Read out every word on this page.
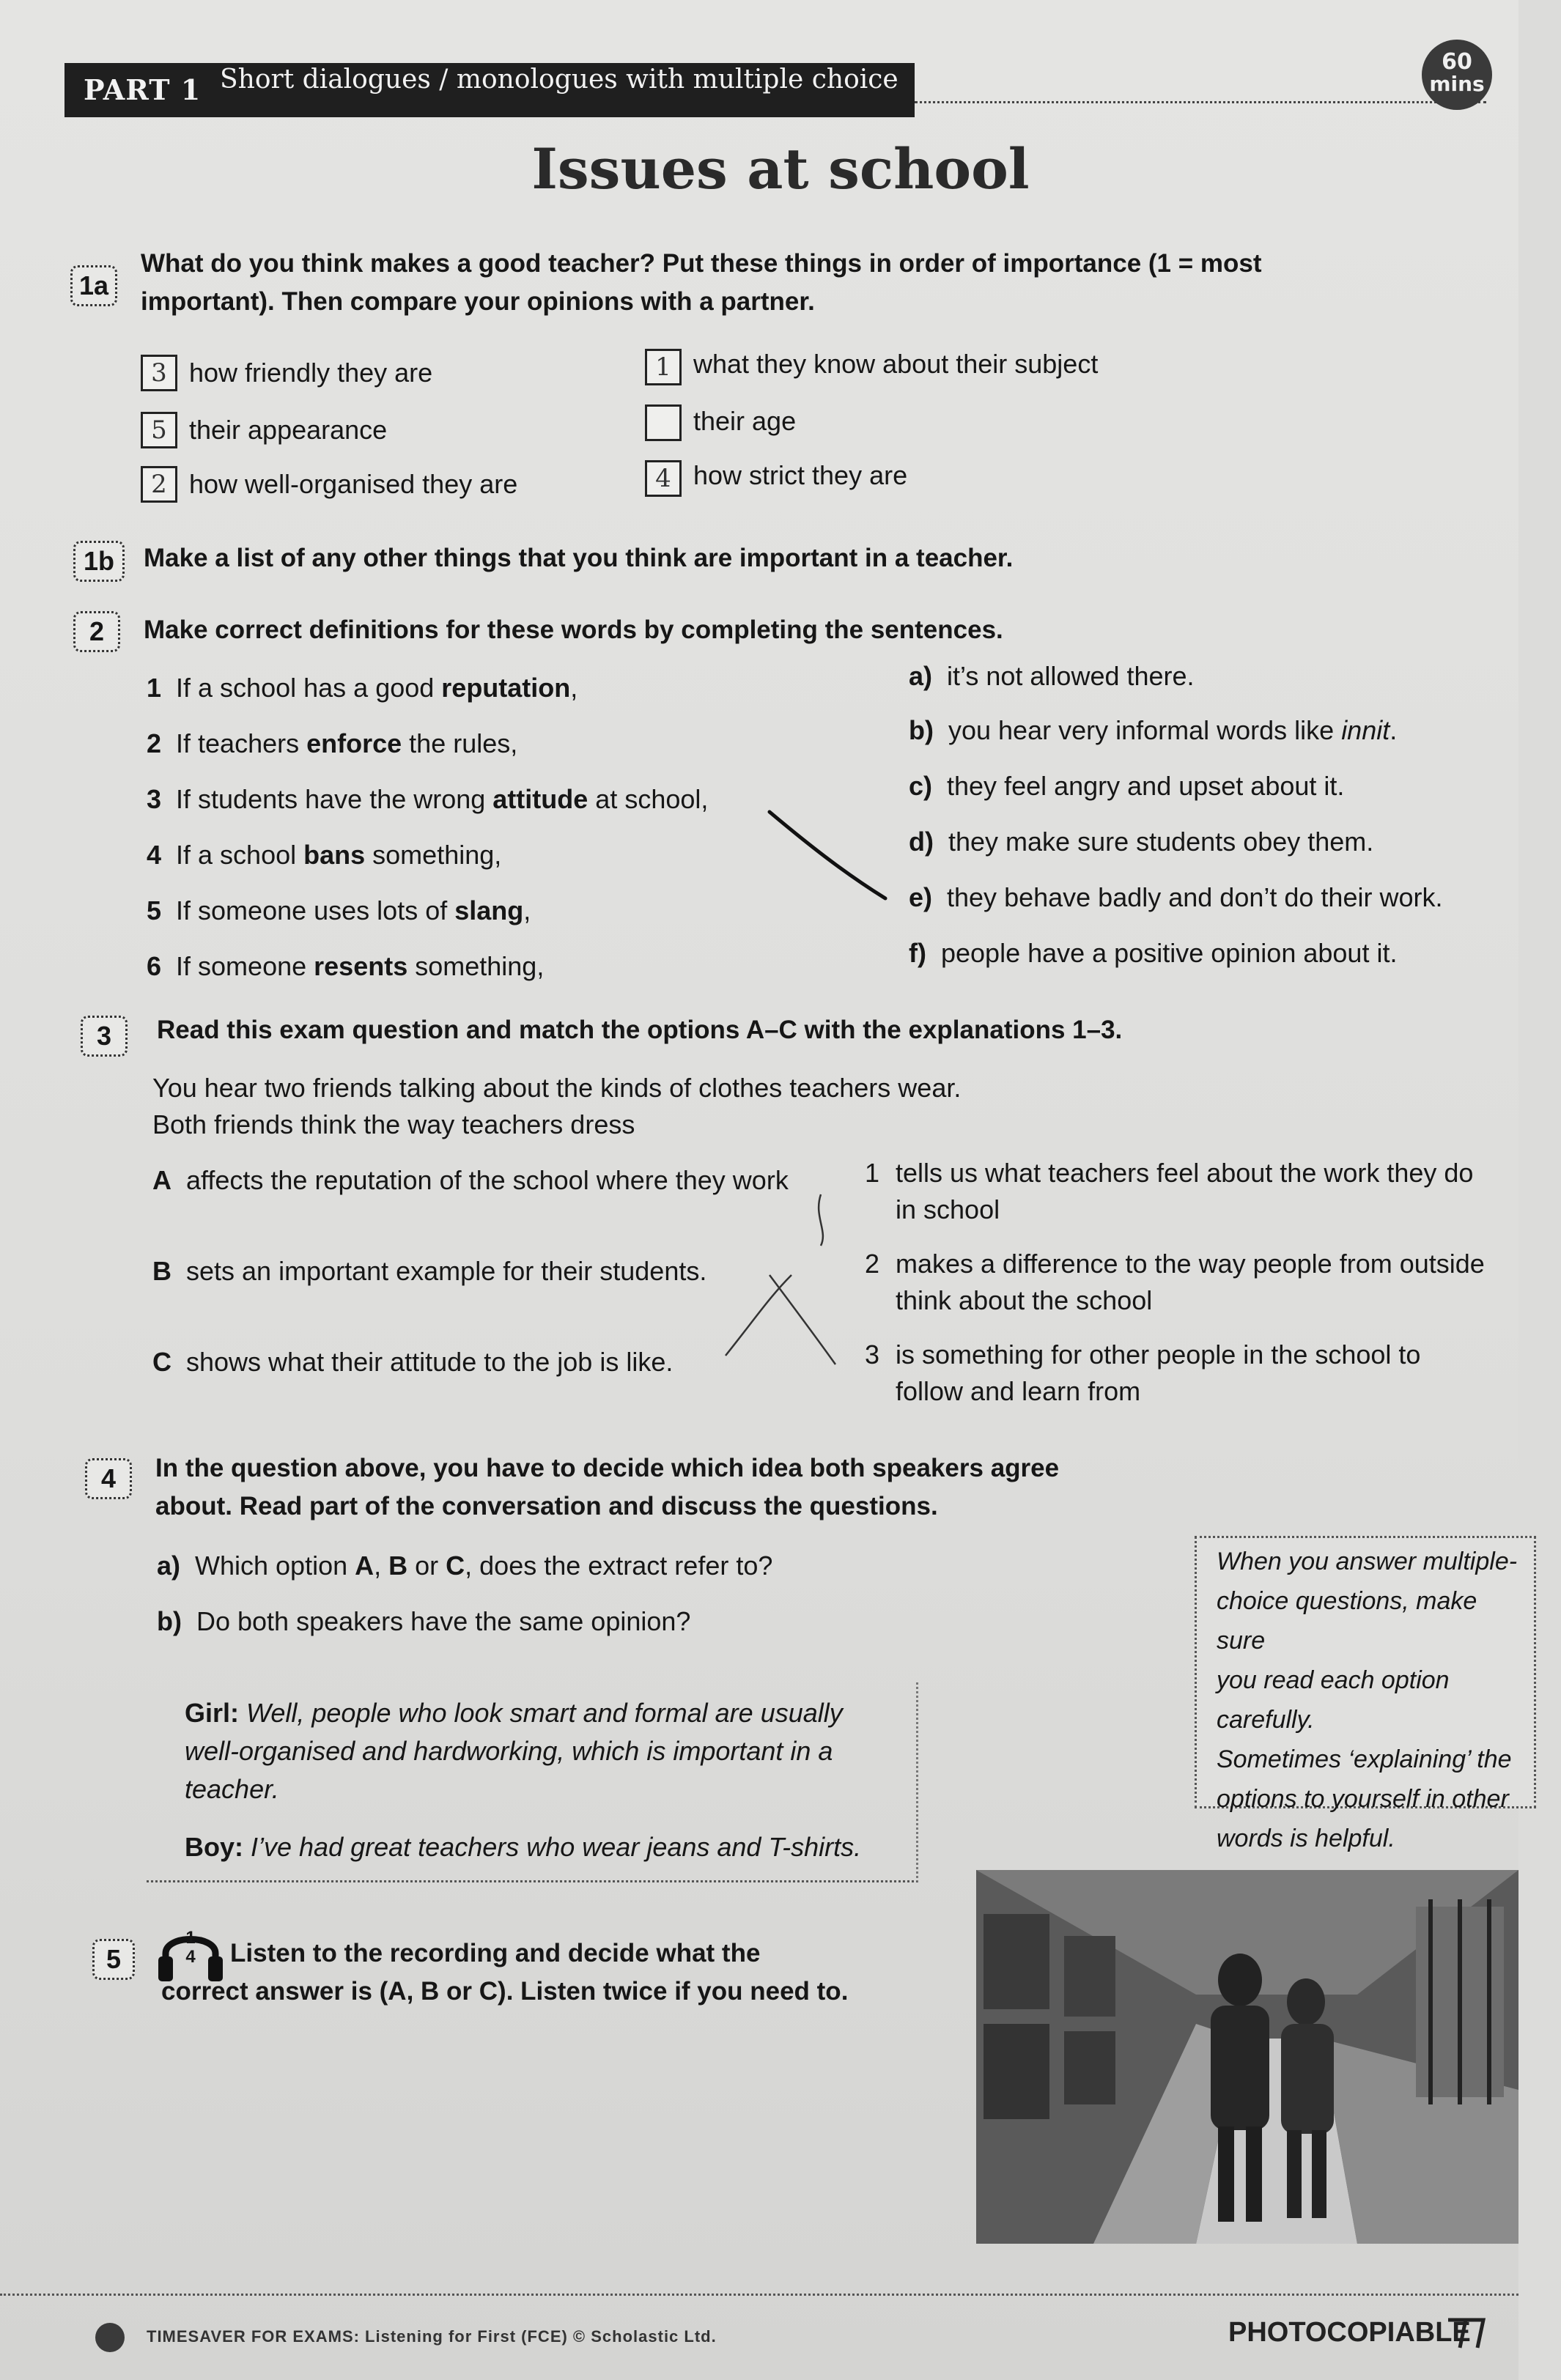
PART 1 Short dialogues / monologues with multiple choice
60
mins
Issues at school
1a
What do you think makes a good teacher? Put these things in order of importance (1 = most important). Then compare your opinions with a partner.
3 how friendly they are	1 what they know about their subject
5 their appearance	their age
2 how well-organised they are	4 how strict they are
1b	Make a list of any other things that you think are important in a teacher.
2	Make correct definitions for these words by completing the sentences.
1 If a school has a good reputation,
2 If teachers enforce the rules,
3 If students have the wrong attitude at school,
4 If a school bans something,
5 If someone uses lots of slang,
6 If someone resents something,
a) it’s not allowed there.
b) you hear very informal words like innit.
c) they feel angry and upset about it.
d) they make sure students obey them.
e) they behave badly and don’t do their work.
f) people have a positive opinion about it.
3	Read this exam question and match the options A–C with the explanations 1–3.
You hear two friends talking about the kinds of clothes teachers wear.
Both friends think the way teachers dress
A affects the reputation of the school where they work
B sets an important example for their students.
C shows what their attitude to the job is like.
1 tells us what teachers feel about the work they do
in school
2 makes a difference to the way people from outside
think about the school
3 is something for other people in the school to
follow and learn from
4	In the question above, you have to decide which idea both speakers agree
about. Read part of the conversation and discuss the questions.
a) Which option A, B or C, does the extract refer to?
b) Do both speakers have the same opinion?
Girl: Well, people who look smart and formal are usually well-organised and hardworking, which is important in a teacher.
Boy: I’ve had great teachers who wear jeans and T-shirts.
When you answer multiple-
choice questions, make sure
you read each option carefully.
Sometimes ‘explaining’ the
options to yourself in other
words is helpful.
5
1
4	Listen to the recording and decide what the
correct answer is (A, B or C). Listen twice if you need to.
TIMESAVER FOR EXAMS: Listening for First (FCE) © Scholastic Ltd.	PHOTOCOPIABLE
